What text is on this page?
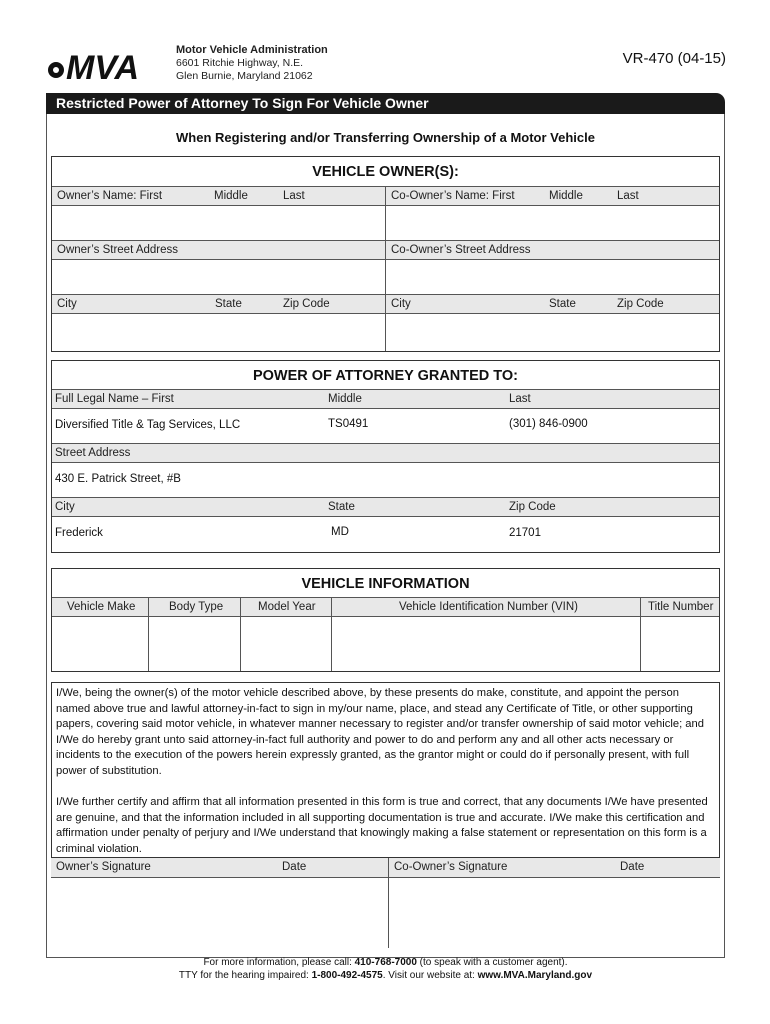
MVA	Motor Vehicle Administration
6601 Ritchie Highway, N.E.
Glen Burnie, Maryland 21062
VR-470 (04-15)
Restricted Power of Attorney To Sign For Vehicle Owner
When Registering and/or Transferring Ownership of a Motor Vehicle
VEHICLE OWNER(S):
Owner’s Name: First	Middle	Last	Co-Owner’s Name: First	Middle	Last
Owner’s Street Address	Co-Owner’s Street Address
City	State	Zip Code	City	State	Zip Code
POWER OF ATTORNEY GRANTED TO:
Full Legal Name – First	Middle	Last
Diversified Title & Tag Services, LLC	TS0491	(301) 846-0900
Street Address
430 E. Patrick Street, #B
City	State	Zip Code
Frederick	MD	21701
VEHICLE INFORMATION
Vehicle Make	Body Type	Model Year	Vehicle Identification Number (VIN)	Title Number
I/We, being the owner(s) of the motor vehicle described above, by these presents do make, constitute, and appoint the person named above true and lawful attorney-in-fact to sign in my/our name, place, and stead any Certificate of Title, or other supporting papers, covering said motor vehicle, in whatever manner necessary to register and/or transfer ownership of said motor vehicle; and I/We do hereby grant unto said attorney-in-fact full authority and power to do and perform any and all other acts necessary or incidents to the execution of the powers herein expressly granted, as the grantor might or could do if personally present, with full power of substitution.
I/We further certify and affirm that all information presented in this form is true and correct, that any documents I/We have presented are genuine, and that the information included in all supporting documentation is true and accurate. I/We make this certification and affirmation under penalty of perjury and I/We understand that knowingly making a false statement or representation on this form is a criminal violation.
Owner’s Signature	Date	Co-Owner’s Signature	Date
For more information, please call: 410-768-7000 (to speak with a customer agent).
TTY for the hearing impaired: 1-800-492-4575. Visit our website at: www.MVA.Maryland.gov
